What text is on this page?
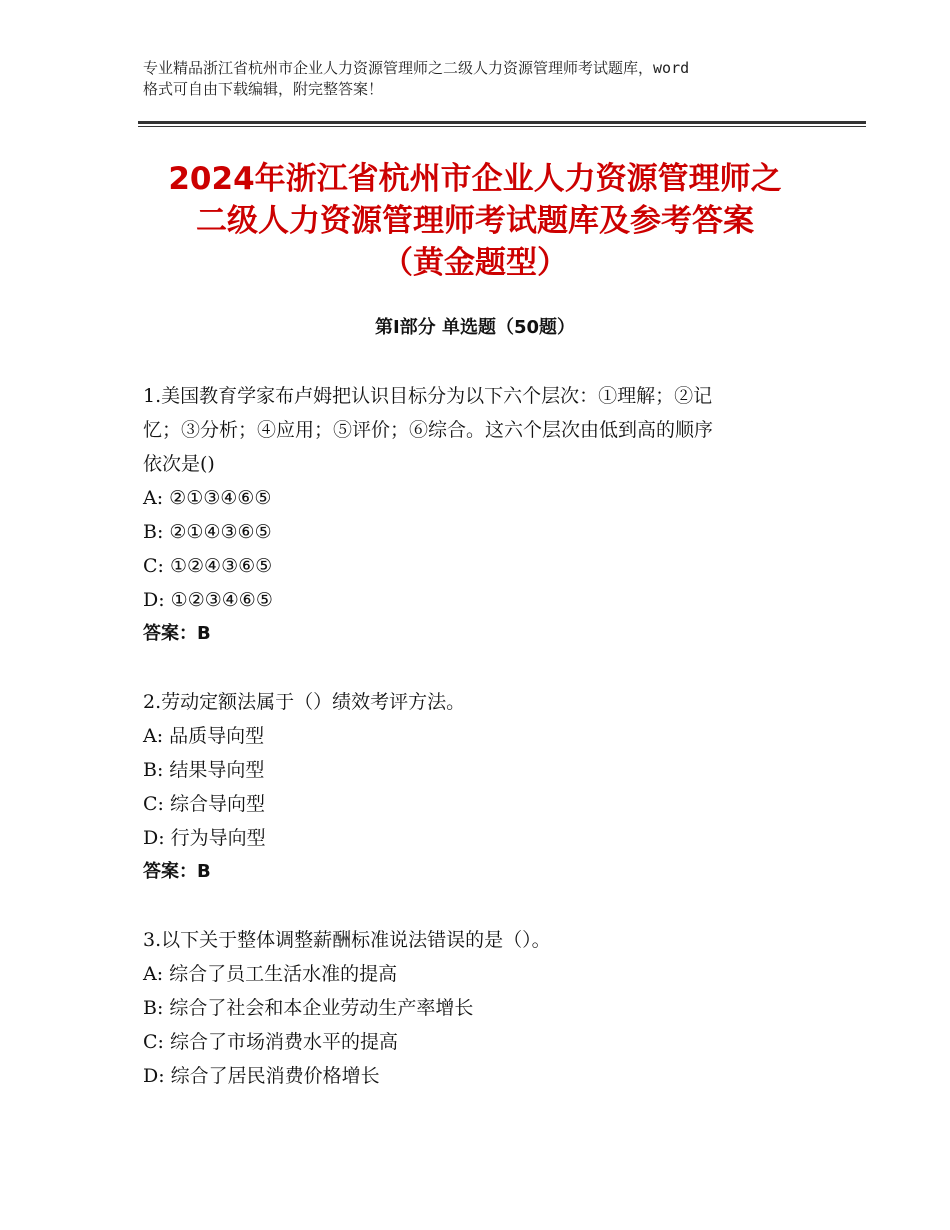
专业精品浙江省杭州市企业人力资源管理师之二级人力资源管理师考试题库，word
格式可自由下载编辑，附完整答案！
2024年浙江省杭州市企业人力资源管理师之
二级人力资源管理师考试题库及参考答案
（黄金题型）
第Ⅰ部分 单选题（50题）
1.美国教育学家布卢姆把认识目标分为以下六个层次：①理解；②记
忆；③分析；④应用；⑤评价；⑥综合。这六个层次由低到高的顺序
依次是()
A: ②①③④⑥⑤
B: ②①④③⑥⑤
C: ①②④③⑥⑤
D: ①②③④⑥⑤
答案：B
2.劳动定额法属于（）绩效考评方法。
A: 品质导向型
B: 结果导向型
C: 综合导向型
D: 行为导向型
答案：B
3.以下关于整体调整薪酬标准说法错误的是（）。
A: 综合了员工生活水准的提高
B: 综合了社会和本企业劳动生产率增长
C: 综合了市场消费水平的提高
D: 综合了居民消费价格增长
